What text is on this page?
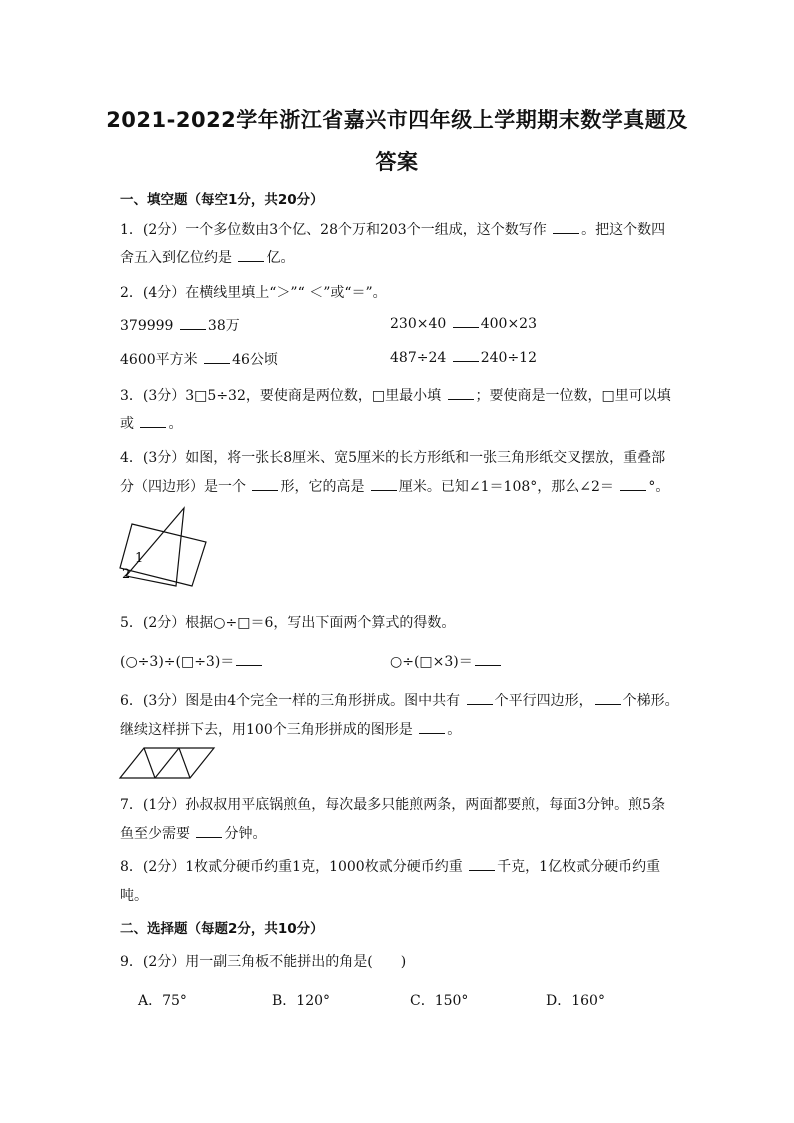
2021-2022学年浙江省嘉兴市四年级上学期期末数学真题及
答案
一、填空题（每空1分，共20分）
1．(2分）一个多位数由3个亿、28个万和203个一组成，这个数写作 。把这个数四
舍五入到亿位约是 亿。
2．(4分）在横线里填上“＞”“ ＜”或“＝”。
379999 38万	230×40 400×23
4600平方米 46公顷	487÷24 240÷12
3．(3分）3□5÷32，要使商是两位数，□里最小填 ；要使商是一位数，□里可以填
或 。
4．(3分）如图，将一张长8厘米、宽5厘米的长方形纸和一张三角形纸交叉摆放，重叠部
分（四边形）是一个 形，它的高是 厘米。已知∠1＝108°，那么∠2＝ °。
1
2
5．(2分）根据○÷□＝6，写出下面两个算式的得数。
(○÷3)÷(□÷3)＝	○÷(□×3)＝
6．(3分）图是由4个完全一样的三角形拼成。图中共有 个平行四边形， 个梯形。
继续这样拼下去，用100个三角形拼成的图形是 。
7．(1分）孙叔叔用平底锅煎鱼，每次最多只能煎两条，两面都要煎，每面3分钟。煎5条
鱼至少需要 分钟。
8．(2分）1枚贰分硬币约重1克，1000枚贰分硬币约重 千克，1亿枚贰分硬币约重
吨。
二、选择题（每题2分，共10分）
9．(2分）用一副三角板不能拼出的角是(　　)
A．75°	B．120°	C．150°	D．160°
